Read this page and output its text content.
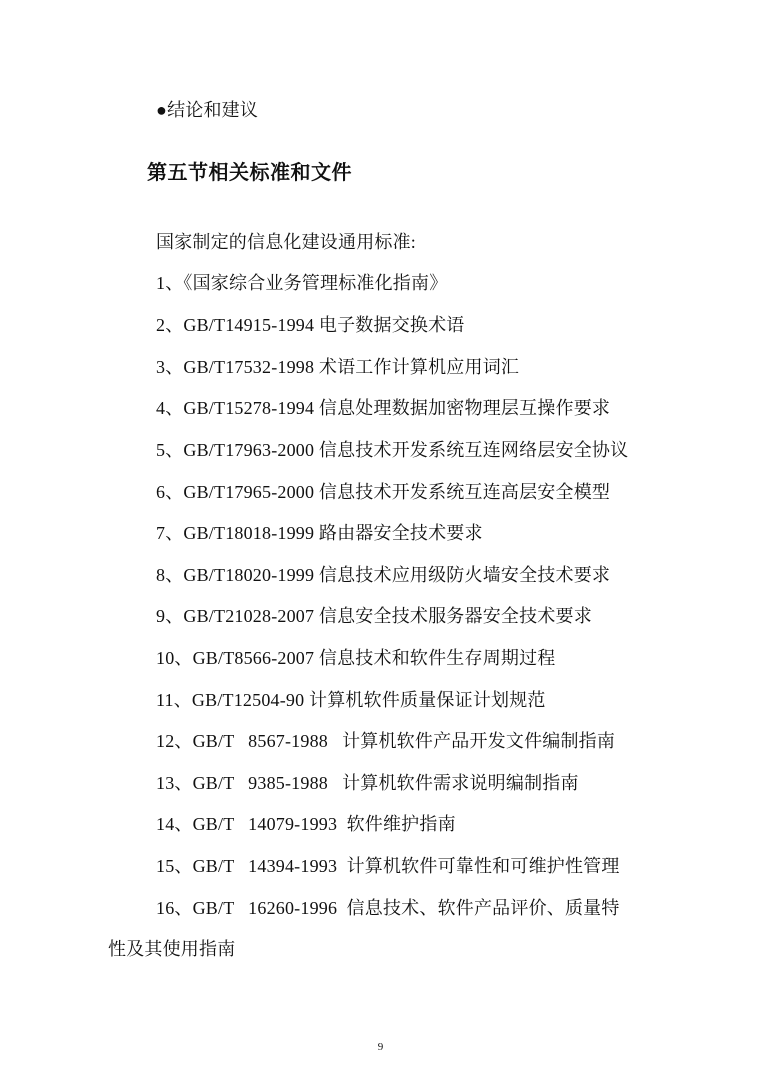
●结论和建议
第五节相关标准和文件
国家制定的信息化建设通用标准:
1、《国家综合业务管理标准化指南》
2、GB/T14915-1994 电子数据交换术语
3、GB/T17532-1998 术语工作计算机应用词汇
4、GB/T15278-1994 信息处理数据加密物理层互操作要求
5、GB/T17963-2000 信息技术开发系统互连网络层安全协议
6、GB/T17965-2000 信息技术开发系统互连高层安全模型
7、GB/T18018-1999 路由器安全技术要求
8、GB/T18020-1999 信息技术应用级防火墙安全技术要求
9、GB/T21028-2007 信息安全技术服务器安全技术要求
10、GB/T8566-2007 信息技术和软件生存周期过程
11、GB/T12504-90 计算机软件质量保证计划规范
12、GB/T   8567-1988   计算机软件产品开发文件编制指南
13、GB/T   9385-1988   计算机软件需求说明编制指南
14、GB/T   14079-1993  软件维护指南
15、GB/T   14394-1993  计算机软件可靠性和可维护性管理
16、GB/T   16260-1996  信息技术、软件产品评价、质量特
性及其使用指南
9
